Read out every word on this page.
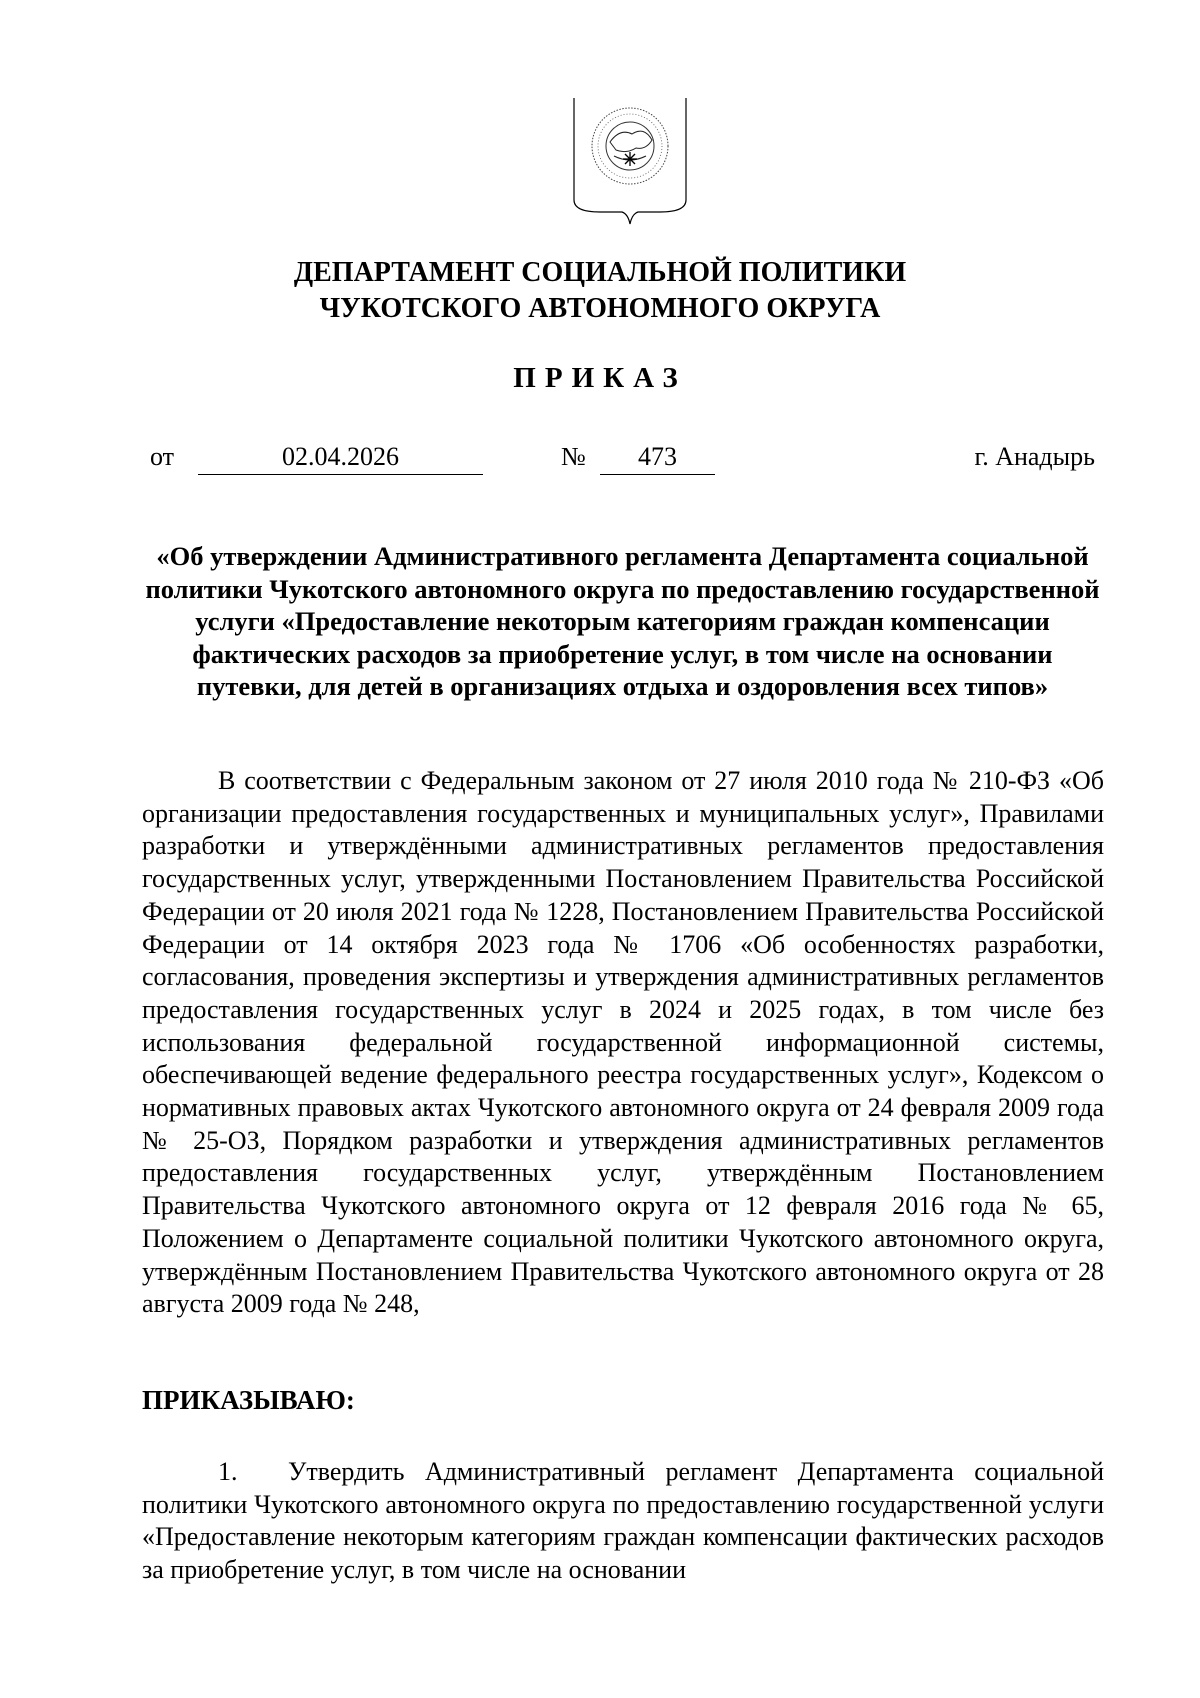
ДЕПАРТАМЕНТ СОЦИАЛЬНОЙ ПОЛИТИКИ
ЧУКОТСКОГО АВТОНОМНОГО ОКРУГА
ПРИКАЗ
от	02.04.2026	№	473	г. Анадырь
«Об утверждении Административного регламента Департамента социальной политики Чукотского автономного округа по предоставлению государственной услуги «Предоставление некоторым категориям граждан компенсации фактических расходов за приобретение услуг, в том числе на основании путевки, для детей в организациях отдыха и оздоровления всех типов»

В соответствии с Федеральным законом от 27 июля 2010 года № 210-ФЗ «Об организации предоставления государственных и муниципальных услуг», Правилами разработки и утверждёнными административных регламентов предоставления государственных услуг, утвержденными Постановлением Правительства Российской Федерации от 20 июля 2021 года № 1228, Постановлением Правительства Российской Федерации от 14 октября 2023 года № 1706 «Об особенностях разработки, согласования, проведения экспертизы и утверждения административных регламентов предоставления государственных услуг в 2024 и 2025 годах, в том числе без использования федеральной государственной информационной системы, обеспечивающей ведение федерального реестра государственных услуг», Кодексом о нормативных правовых актах Чукотского автономного округа от 24 февраля 2009 года № 25-ОЗ, Порядком разработки и утверждения административных регламентов предоставления государственных услуг, утверждённым Постановлением Правительства Чукотского автономного округа от 12 февраля 2016 года № 65, Положением о Департаменте социальной политики Чукотского автономного округа, утверждённым Постановлением Правительства Чукотского автономного округа от 28 августа 2009 года № 248,

ПРИКАЗЫВАЮ:

1. Утвердить Административный регламент Департамента социальной политики Чукотского автономного округа по предоставлению государственной услуги «Предоставление некоторым категориям граждан компенсации фактических расходов за приобретение услуг, в том числе на основании
